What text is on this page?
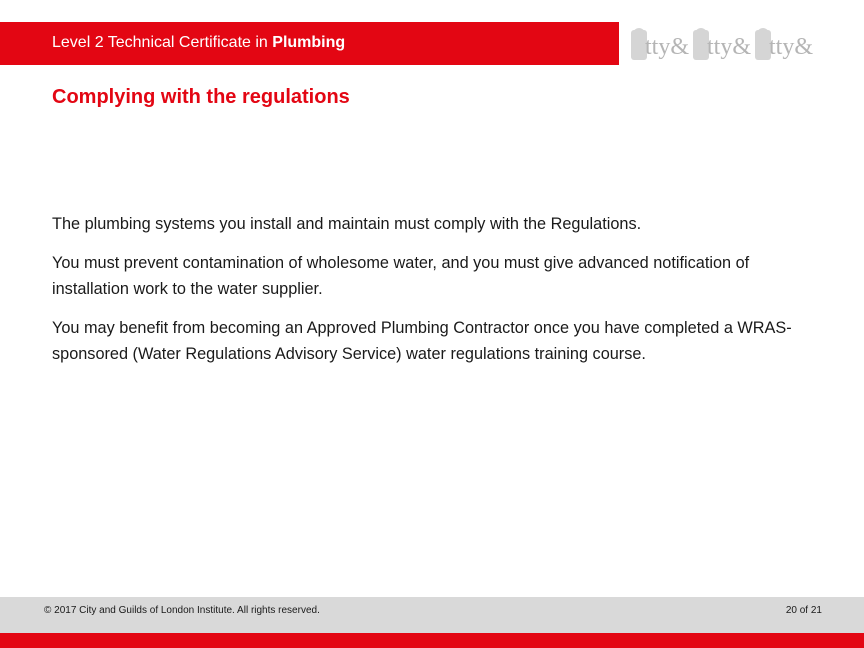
Level 2 Technical Certificate in Plumbing	tty& tty& tty&
Complying with the regulations

The plumbing systems you install and maintain must comply with the Regulations.

You must prevent contamination of wholesome water, and you must give advanced notification of installation work to the water supplier.

You may benefit from becoming an Approved Plumbing Contractor once you have completed a WRAS-sponsored (Water Regulations Advisory Service) water regulations training course.

© 2017 City and Guilds of London Institute. All rights reserved.	20 of 21
